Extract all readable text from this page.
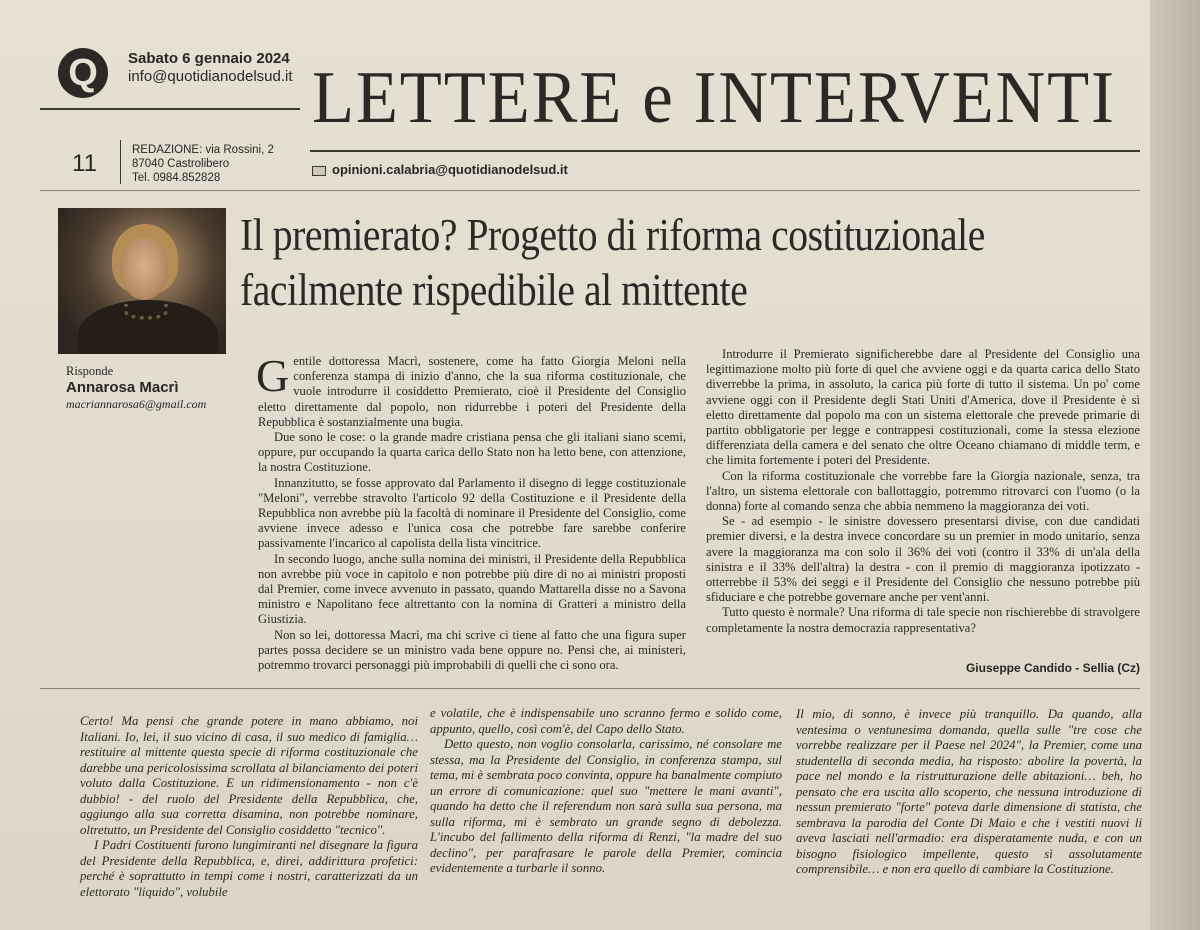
Q	Sabato 6 gennaio 2024
info@quotidianodelsud.it
11	REDAZIONE: via Rossini, 2
87040 Castrolibero
Tel. 0984.852828
LETTERE e INTERVENTI
opinioni.calabria@quotidianodelsud.it
Risponde
Annarosa Macrì
macriannarosa6@gmail.com
Il premierato? Progetto di riforma costituzionale
facilmente rispedibile al mittente

Gentile dottoressa Macrì, sostenere, come ha fatto Giorgia Meloni nella conferenza stampa di inizio d'anno, che la sua riforma costituzionale, che vuole introdurre il cosiddetto Premierato, cioè il Presidente del Consiglio eletto direttamente dal popolo, non ridurrebbe i poteri del Presidente della Repubblica è sostanzialmente una bugia.

Due sono le cose: o la grande madre cristiana pensa che gli italiani siano scemi, oppure, pur occupando la quarta carica dello Stato non ha letto bene, con attenzione, la nostra Costituzione.

Innanzitutto, se fosse approvato dal Parlamento il disegno di legge costituzionale "Meloni", verrebbe stravolto l'articolo 92 della Costituzione e il Presidente della Repubblica non avrebbe più la facoltà di nominare il Presidente del Consiglio, come avviene invece adesso e l'unica cosa che potrebbe fare sarebbe conferire passivamente l'incarico al capolista della lista vincitrice.

In secondo luogo, anche sulla nomina dei ministri, il Presidente della Repubblica non avrebbe più voce in capitolo e non potrebbe più dire di no ai ministri proposti dal Premier, come invece avvenuto in passato, quando Mattarella disse no a Savona ministro e Napolitano fece altrettanto con la nomina di Gratteri a ministro della Giustizia.

Non so lei, dottoressa Macrì, ma chi scrive ci tiene al fatto che una figura super partes possa decidere se un ministro vada bene oppure no. Pensi che, ai ministeri, potremmo trovarci personaggi più improbabili di quelli che ci sono ora.

Introdurre il Premierato significherebbe dare al Presidente del Consiglio una legittimazione molto più forte di quel che avviene oggi e da quarta carica dello Stato diverrebbe la prima, in assoluto, la carica più forte di tutto il sistema. Un po' come avviene oggi con il Presidente degli Stati Uniti d'America, dove il Presidente è sì eletto direttamente dal popolo ma con un sistema elettorale che prevede primarie di partito obbligatorie per legge e contrappesi costituzionali, come la stessa elezione differenziata della camera e del senato che oltre Oceano chiamano di middle term, e che limita fortemente i poteri del Presidente.

Con la riforma costituzionale che vorrebbe fare la Giorgia nazionale, senza, tra l'altro, un sistema elettorale con ballottaggio, potremmo ritrovarci con l'uomo (o la donna) forte al comando senza che abbia nemmeno la maggioranza dei voti.

Se - ad esempio - le sinistre dovessero presentarsi divise, con due candidati premier diversi, e la destra invece concordare su un premier in modo unitario, senza avere la maggioranza ma con solo il 36% dei voti (contro il 33% di un'ala della sinistra e il 33% dell'altra) la destra - con il premio di maggioranza ipotizzato - otterrebbe il 53% dei seggi e il Presidente del Consiglio che nessuno potrebbe più sfiduciare e che potrebbe governare anche per vent'anni.

Tutto questo è normale? Una riforma di tale specie non rischierebbe di stravolgere completamente la nostra democrazia rappresentativa?

Giuseppe Candido - Sellia (Cz)

Certo! Ma pensi che grande potere in mano abbiamo, noi Italiani. Io, lei, il suo vicino di casa, il suo medico di famiglia… restituire al mittente questa specie di riforma costituzionale che darebbe una pericolosissima scrollata al bilanciamento dei poteri voluto dalla Costituzione. E un ridimensionamento - non c'è dubbio! - del ruolo del Presidente della Repubblica, che, aggiungo alla sua corretta disamina, non potrebbe nominare, oltretutto, un Presidente del Consiglio cosiddetto "tecnico".

I Padri Costituenti furono lungimiranti nel disegnare la figura del Presidente della Repubblica, e, direi, addirittura profetici: perché è soprattutto in tempi come i nostri, caratterizzati da un elettorato "liquido", volubile

e volatile, che è indispensabile uno scranno fermo e solido come, appunto, quello, così com'è, del Capo dello Stato.

Detto questo, non voglio consolarla, carissimo, né consolare me stessa, ma la Presidente del Consiglio, in conferenza stampa, sul tema, mi è sembrata poco convinta, oppure ha banalmente compiuto un errore di comunicazione: quel suo "mettere le mani avanti", quando ha detto che il referendum non sarà sulla sua persona, ma sulla riforma, mi è sembrato un grande segno di debolezza. L'incubo del fallimento della riforma di Renzi, "la madre del suo declino", per parafrasare le parole della Premier, comincia evidentemente a turbarle il sonno.

Il mio, di sonno, è invece più tranquillo. Da quando, alla ventesima o ventunesima domanda, quella sulle "tre cose che vorrebbe realizzare per il Paese nel 2024", la Premier, come una studentella di seconda media, ha risposto: abolire la povertà, la pace nel mondo e la ristrutturazione delle abitazioni… beh, ho pensato che era uscita allo scoperto, che nessuna introduzione di nessun premierato "forte" poteva darle dimensione di statista, che sembrava la parodia del Conte Di Maio e che i vestiti nuovi li aveva lasciati nell'armadio: era disperatamente nuda, e con un bisogno fisiologico impellente, questo sì assolutamente comprensibile… e non era quello di cambiare la Costituzione.
